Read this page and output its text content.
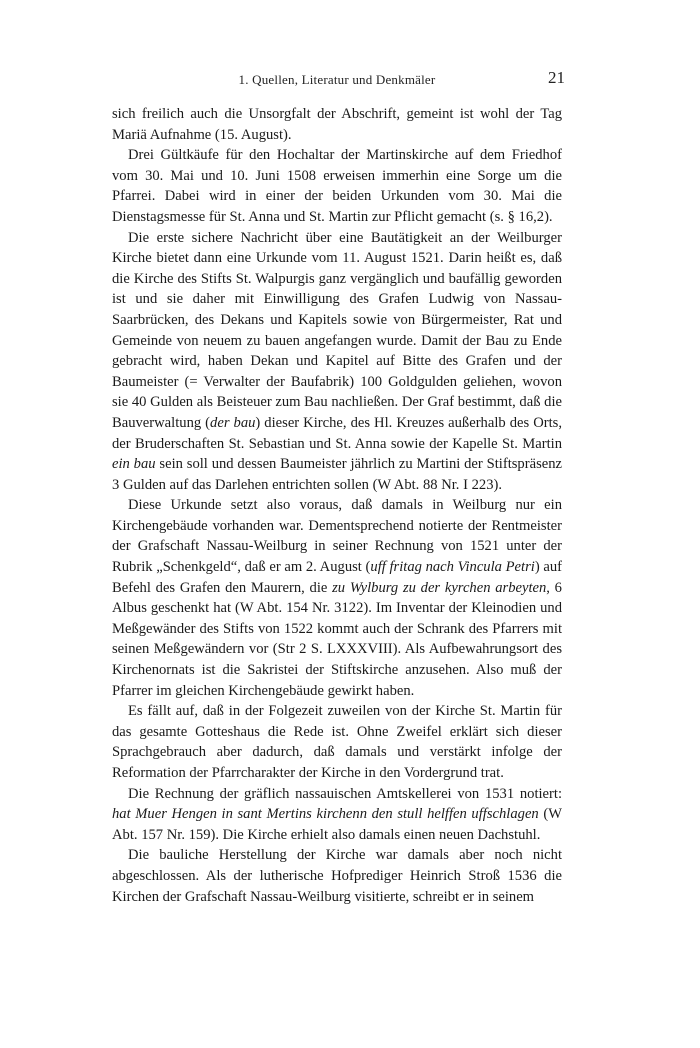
1. Quellen, Literatur und Denkmäler	21

sich freilich auch die Unsorgfalt der Abschrift, gemeint ist wohl der Tag Mariä Aufnahme (15. August).

Drei Gültkäufe für den Hochaltar der Martinskirche auf dem Friedhof vom 30. Mai und 10. Juni 1508 erweisen immerhin eine Sorge um die Pfarrei. Dabei wird in einer der beiden Urkunden vom 30. Mai die Dienstagsmesse für St. Anna und St. Martin zur Pflicht gemacht (s. § 16,2).

Die erste sichere Nachricht über eine Bautätigkeit an der Weilburger Kirche bietet dann eine Urkunde vom 11. August 1521. Darin heißt es, daß die Kirche des Stifts St. Walpurgis ganz vergänglich und baufällig geworden ist und sie daher mit Einwilligung des Grafen Ludwig von Nassau-Saarbrücken, des Dekans und Kapitels sowie von Bürgermeister, Rat und Gemeinde von neuem zu bauen angefangen wurde. Damit der Bau zu Ende gebracht wird, haben Dekan und Kapitel auf Bitte des Grafen und der Baumeister (= Verwalter der Baufabrik) 100 Goldgulden geliehen, wovon sie 40 Gulden als Beisteuer zum Bau nachließen. Der Graf bestimmt, daß die Bauverwaltung (der bau) dieser Kirche, des Hl. Kreuzes außerhalb des Orts, der Bruderschaften St. Sebastian und St. Anna sowie der Kapelle St. Martin ein bau sein soll und dessen Baumeister jährlich zu Martini der Stiftspräsenz 3 Gulden auf das Darlehen entrichten sollen (W Abt. 88 Nr. I 223).

Diese Urkunde setzt also voraus, daß damals in Weilburg nur ein Kirchengebäude vorhanden war. Dementsprechend notierte der Rentmeister der Grafschaft Nassau-Weilburg in seiner Rechnung von 1521 unter der Rubrik „Schenkgeld“, daß er am 2. August (uff fritag nach Vincula Petri) auf Befehl des Grafen den Maurern, die zu Wylburg zu der kyrchen arbeyten, 6 Albus geschenkt hat (W Abt. 154 Nr. 3122). Im Inventar der Kleinodien und Meßgewänder des Stifts von 1522 kommt auch der Schrank des Pfarrers mit seinen Meßgewändern vor (Str 2 S. LXXXVIII). Als Aufbewahrungsort des Kirchenornats ist die Sakristei der Stiftskirche anzusehen. Also muß der Pfarrer im gleichen Kirchengebäude gewirkt haben.

Es fällt auf, daß in der Folgezeit zuweilen von der Kirche St. Martin für das gesamte Gotteshaus die Rede ist. Ohne Zweifel erklärt sich dieser Sprachgebrauch aber dadurch, daß damals und verstärkt infolge der Reformation der Pfarrcharakter der Kirche in den Vordergrund trat.

Die Rechnung der gräflich nassauischen Amtskellerei von 1531 notiert: hat Muer Hengen in sant Mertins kirchenn den stull helffen uffschlagen (W Abt. 157 Nr. 159). Die Kirche erhielt also damals einen neuen Dachstuhl.

Die bauliche Herstellung der Kirche war damals aber noch nicht abgeschlossen. Als der lutherische Hofprediger Heinrich Stroß 1536 die Kirchen der Grafschaft Nassau-Weilburg visitierte, schreibt er in seinem
